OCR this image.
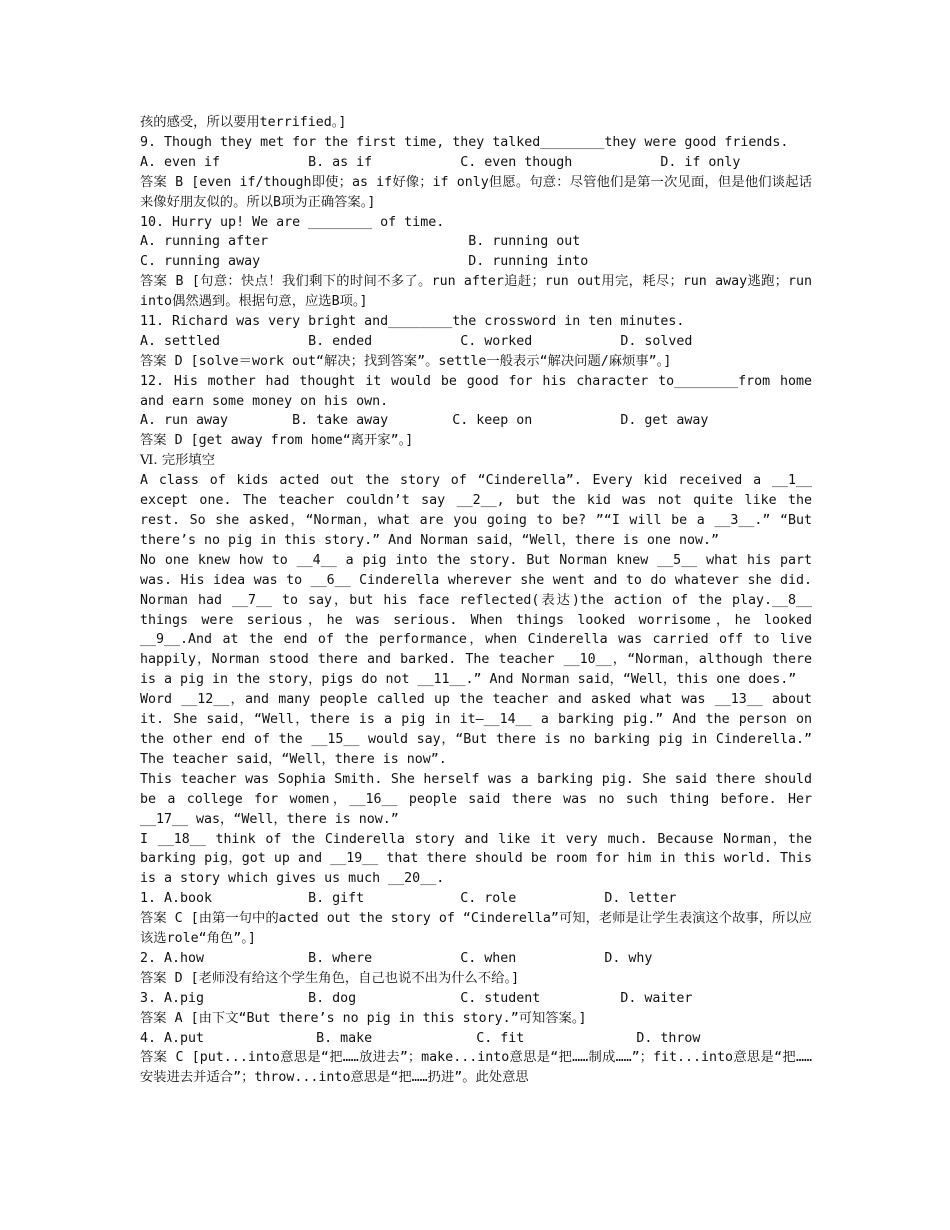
孩的感受，所以要用terrified。]
9. Though they met for the first time, they talked________they were good friends.
A. even if           B. as if           C. even though           D. if only
答案 B [even if/though即使；as if好像；if only但愿。句意：尽管他们是第一次见面，但是他们谈起话来像好朋友似的。所以B项为正确答案。]
10. Hurry up! We are ________ of time.
A. running after                         B. running out
C. running away                          D. running into
答案 B [句意：快点！我们剩下的时间不多了。run after追赶；run out用完，耗尽；run away逃跑；run into偶然遇到。根据句意，应选B项。]
11. Richard was very bright and________the crossword in ten minutes.
A. settled           B. ended           C. worked           D. solved
答案 D [solve＝work out“解决；找到答案”。settle一般表示“解决问题/麻烦事”。]
12. His mother had thought it would be good for his character to________from home and earn some money on his own.
A. run away        B. take away        C. keep on           D. get away
答案 D [get away from home“离开家”。]
Ⅵ. 完形填空
A class of kids acted out the story of “Cinderella”. Every kid received a __1__ except one. The teacher couldn’t say __2__, but the kid was not quite like the rest. So she asked，“Norman，what are you going to be? ”“I will be a __3__.” “But there’s no pig in this story.” And Norman said，“Well，there is one now.”
No one knew how to __4__ a pig into the story. But Norman knew __5__ what his part was. His idea was to __6__ Cinderella wherever she went and to do whatever she did. Norman had __7__ to say，but his face reflected(表达)the action of the play.__8__ things were serious，he was serious. When things looked worrisome，he looked __9__.And at the end of the performance，when Cinderella was carried off to live happily，Norman stood there and barked. The teacher __10__，“Norman，although there is a pig in the story，pigs do not __11__.” And Norman said，“Well，this one does.”
Word __12__，and many people called up the teacher and asked what was __13__ about it. She said，“Well，there is a pig in it—__14__ a barking pig.” And the person on the other end of the __15__ would say，“But there is no barking pig in Cinderella.” The teacher said，“Well，there is now”.
This teacher was Sophia Smith. She herself was a barking pig. She said there should be a college for women，__16__ people said there was no such thing before. Her __17__ was，“Well，there is now.”
I __18__ think of the Cinderella story and like it very much. Because Norman，the barking pig，got up and __19__ that there should be room for him in this world. This is a story which gives us much __20__.
1. A.book            B. gift            C. role           D. letter
答案 C [由第一句中的acted out the story of “Cinderella”可知，老师是让学生表演这个故事，所以应该选role“角色”。]
2. A.how             B. where           C. when           D. why
答案 D [老师没有给这个学生角色，自己也说不出为什么不给。]
3. A.pig             B. dog             C. student          D. waiter
答案 A [由下文“But there’s no pig in this story.”可知答案。]
4. A.put              B. make             C. fit              D. throw
答案 C [put...into意思是“把……放进去”；make...into意思是“把……制成……”；fit...into意思是“把……安装进去并适合”；throw...into意思是“把……扔进”。此处意思
